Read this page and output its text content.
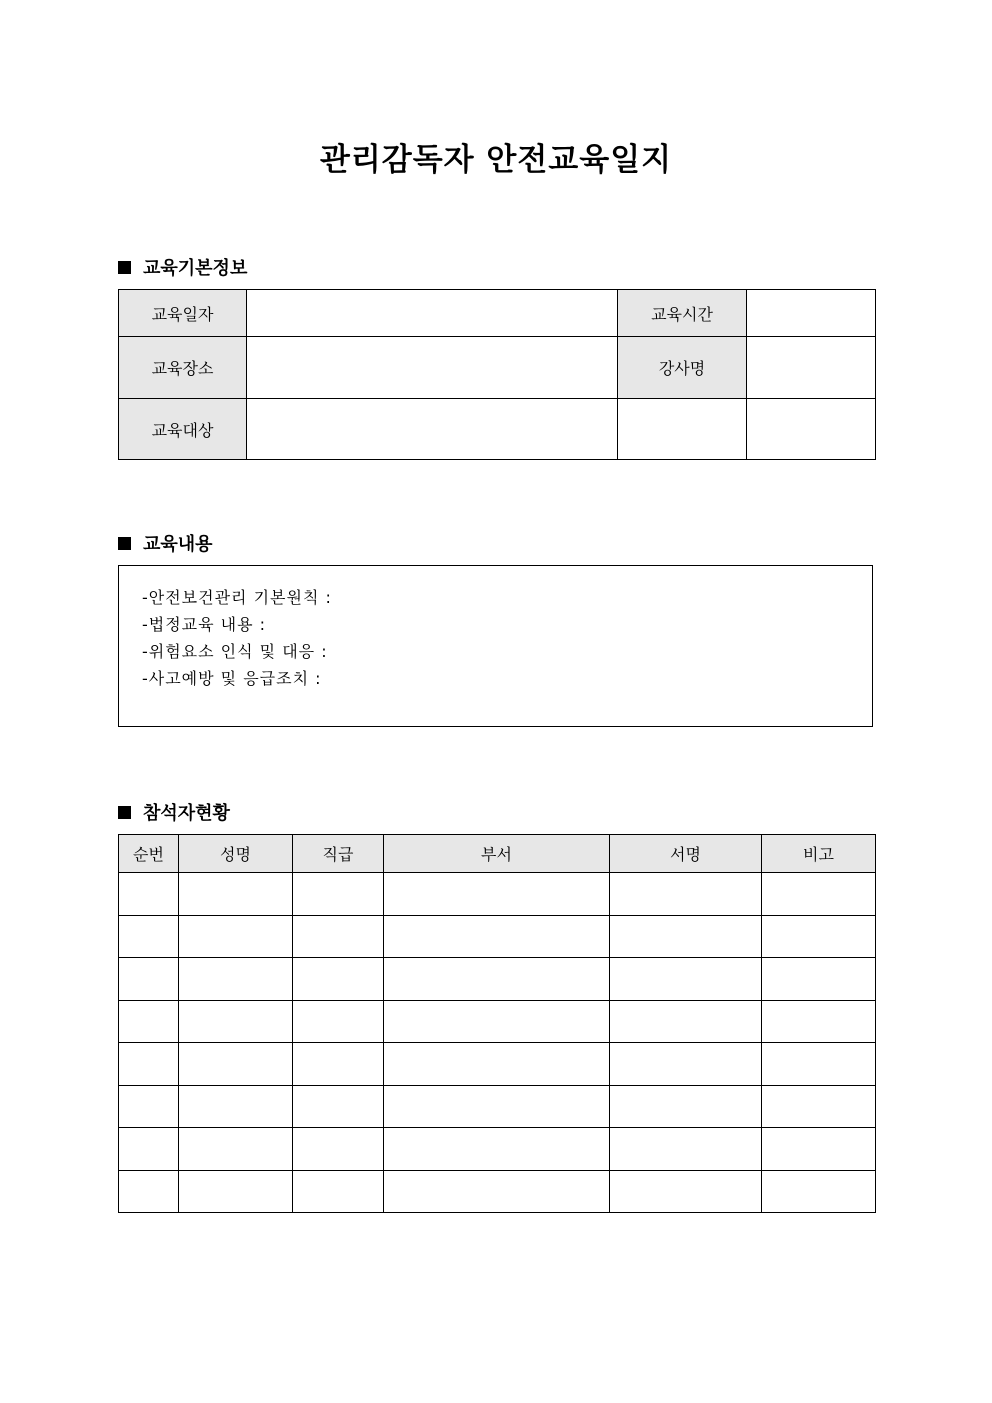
관리감독자 안전교육일지
교육기본정보
교육일자		교육시간	
교육장소		강사명	
교육대상			
교육내용
-안전보건관리 기본원칙 :
-법정교육 내용 :
-위험요소 인식 및 대응 :
-사고예방 및 응급조치 :
참석자현황
순번	성명	직급	부서	서명	비고
